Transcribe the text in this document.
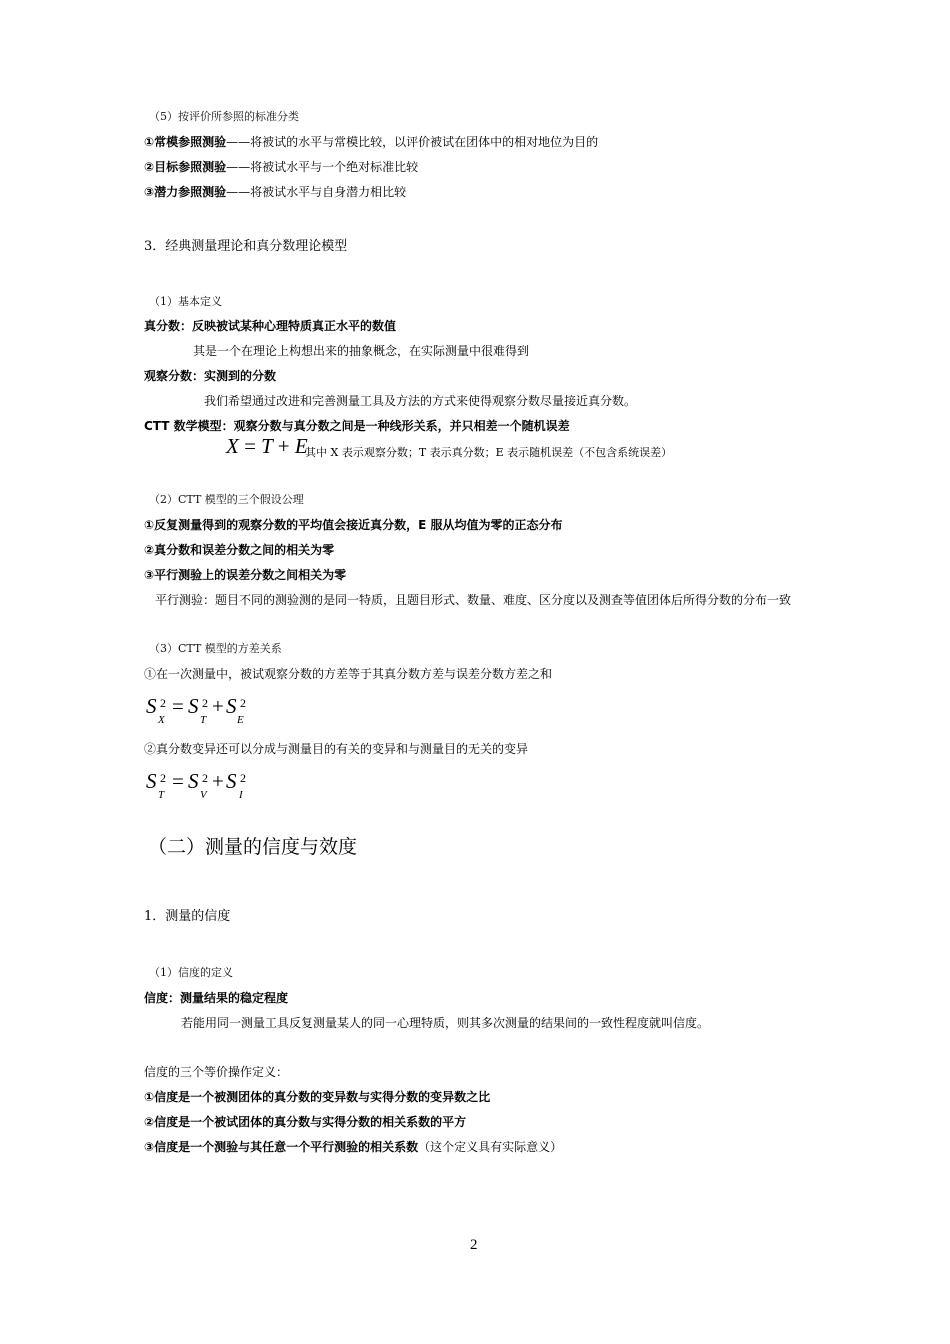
（5）按评价所参照的标准分类
①常模参照测验——将被试的水平与常模比较，以评价被试在团体中的相对地位为目的
②目标参照测验——将被试水平与一个绝对标准比较
③潜力参照测验——将被试水平与自身潜力相比较
3．经典测量理论和真分数理论模型
（1）基本定义
真分数：反映被试某种心理特质真正水平的数值
其是一个在理论上构想出来的抽象概念，在实际测量中很难得到
观察分数：实测到的分数
我们希望通过改进和完善测量工具及方法的方式来使得观察分数尽量接近真分数。
CTT 数学模型：观察分数与真分数之间是一种线形关系，并只相差一个随机误差
X = T + E
其中 X 表示观察分数；T 表示真分数；E 表示随机误差（不包含系统误差）
（2）CTT 模型的三个假设公理
①反复测量得到的观察分数的平均值会接近真分数，E 服从均值为零的正态分布
②真分数和误差分数之间的相关为零
③平行测验上的误差分数之间相关为零
平行测验：题目不同的测验测的是同一特质，且题目形式、数量、难度、区分度以及测查等值团体后所得分数的分布一致
（3）CTT 模型的方差关系
①在一次测量中，被试观察分数的方差等于其真分数方差与误差分数方差之和
S 2
X
= S 2
T
+ S 2
E
②真分数变异还可以分成与测量目的有关的变异和与测量目的无关的变异
S 2
T
= S 2
V
+ S 2
I
（二）测量的信度与效度
1．测量的信度
（1）信度的定义
信度：测量结果的稳定程度
若能用同一测量工具反复测量某人的同一心理特质，则其多次测量的结果间的一致性程度就叫信度。
信度的三个等价操作定义：
①信度是一个被测团体的真分数的变异数与实得分数的变异数之比
②信度是一个被试团体的真分数与实得分数的相关系数的平方
③信度是一个测验与其任意一个平行测验的相关系数（这个定义具有实际意义）
2
